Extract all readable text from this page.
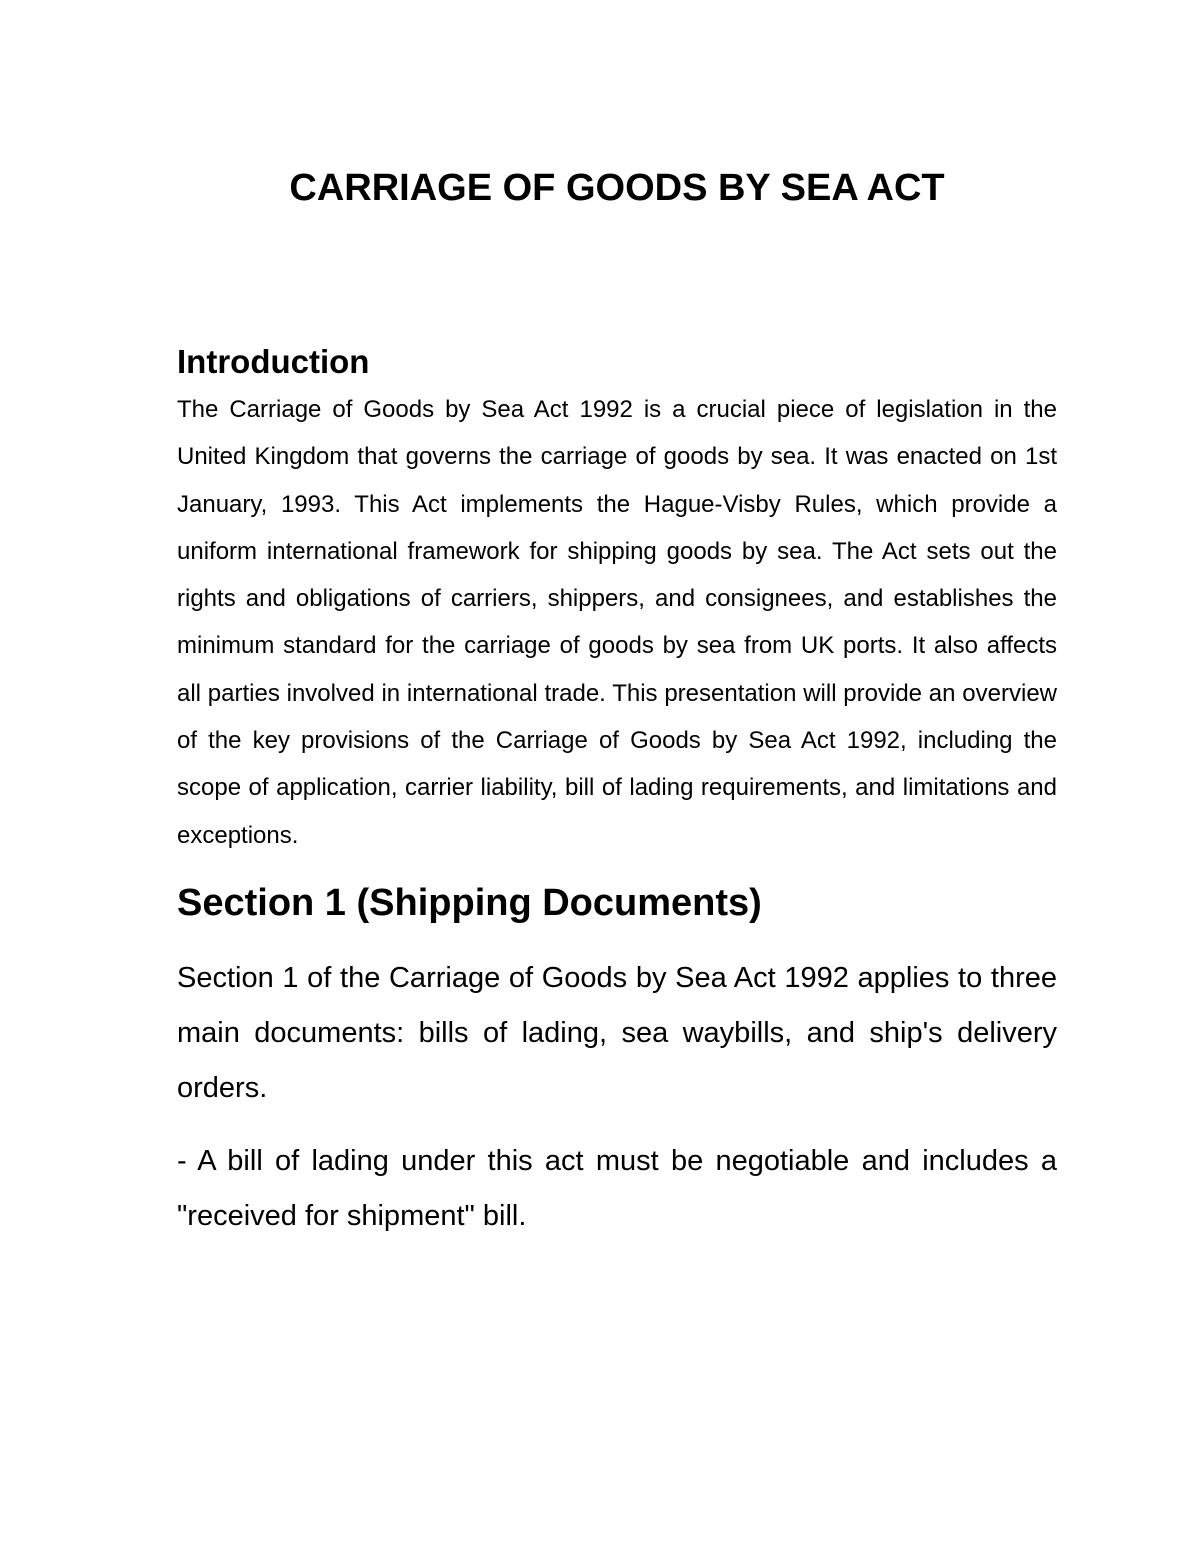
CARRIAGE OF GOODS BY SEA ACT
Introduction

The Carriage of Goods by Sea Act 1992 is a crucial piece of legislation in the United Kingdom that governs the carriage of goods by sea. It was enacted on 1st January, 1993. This Act implements the Hague-Visby Rules, which provide a uniform international framework for shipping goods by sea. The Act sets out the rights and obligations of carriers, shippers, and consignees, and establishes the minimum standard for the carriage of goods by sea from UK ports. It also affects all parties involved in international trade. This presentation will provide an overview of the key provisions of the Carriage of Goods by Sea Act 1992, including the scope of application, carrier liability, bill of lading requirements, and limitations and exceptions.

Section 1 (Shipping Documents)

Section 1 of the Carriage of Goods by Sea Act 1992 applies to three main documents: bills of lading, sea waybills, and ship's delivery orders.

- A bill of lading under this act must be negotiable and includes a "received for shipment" bill.
